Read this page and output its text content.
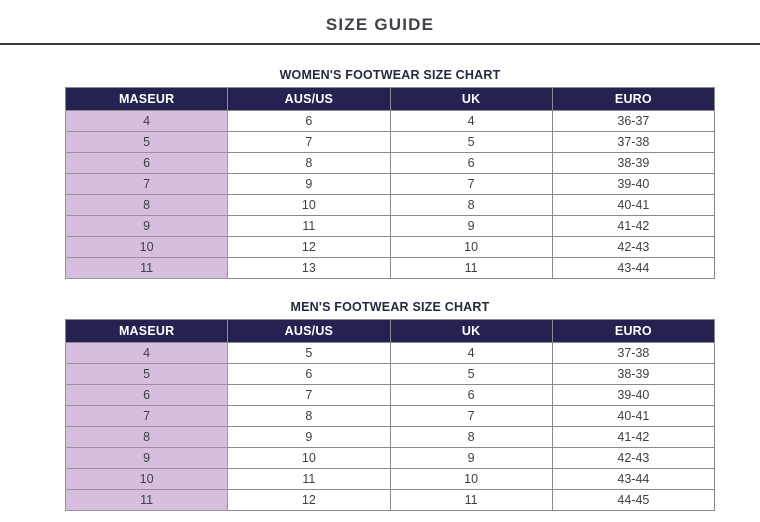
SIZE GUIDE
WOMEN'S FOOTWEAR SIZE CHART
MASEUR	AUS/US	UK	EURO
4	6	4	36-37
5	7	5	37-38
6	8	6	38-39
7	9	7	39-40
8	10	8	40-41
9	11	9	41-42
10	12	10	42-43
11	13	11	43-44
MEN'S FOOTWEAR SIZE CHART
MASEUR	AUS/US	UK	EURO
4	5	4	37-38
5	6	5	38-39
6	7	6	39-40
7	8	7	40-41
8	9	8	41-42
9	10	9	42-43
10	11	10	43-44
11	12	11	44-45
